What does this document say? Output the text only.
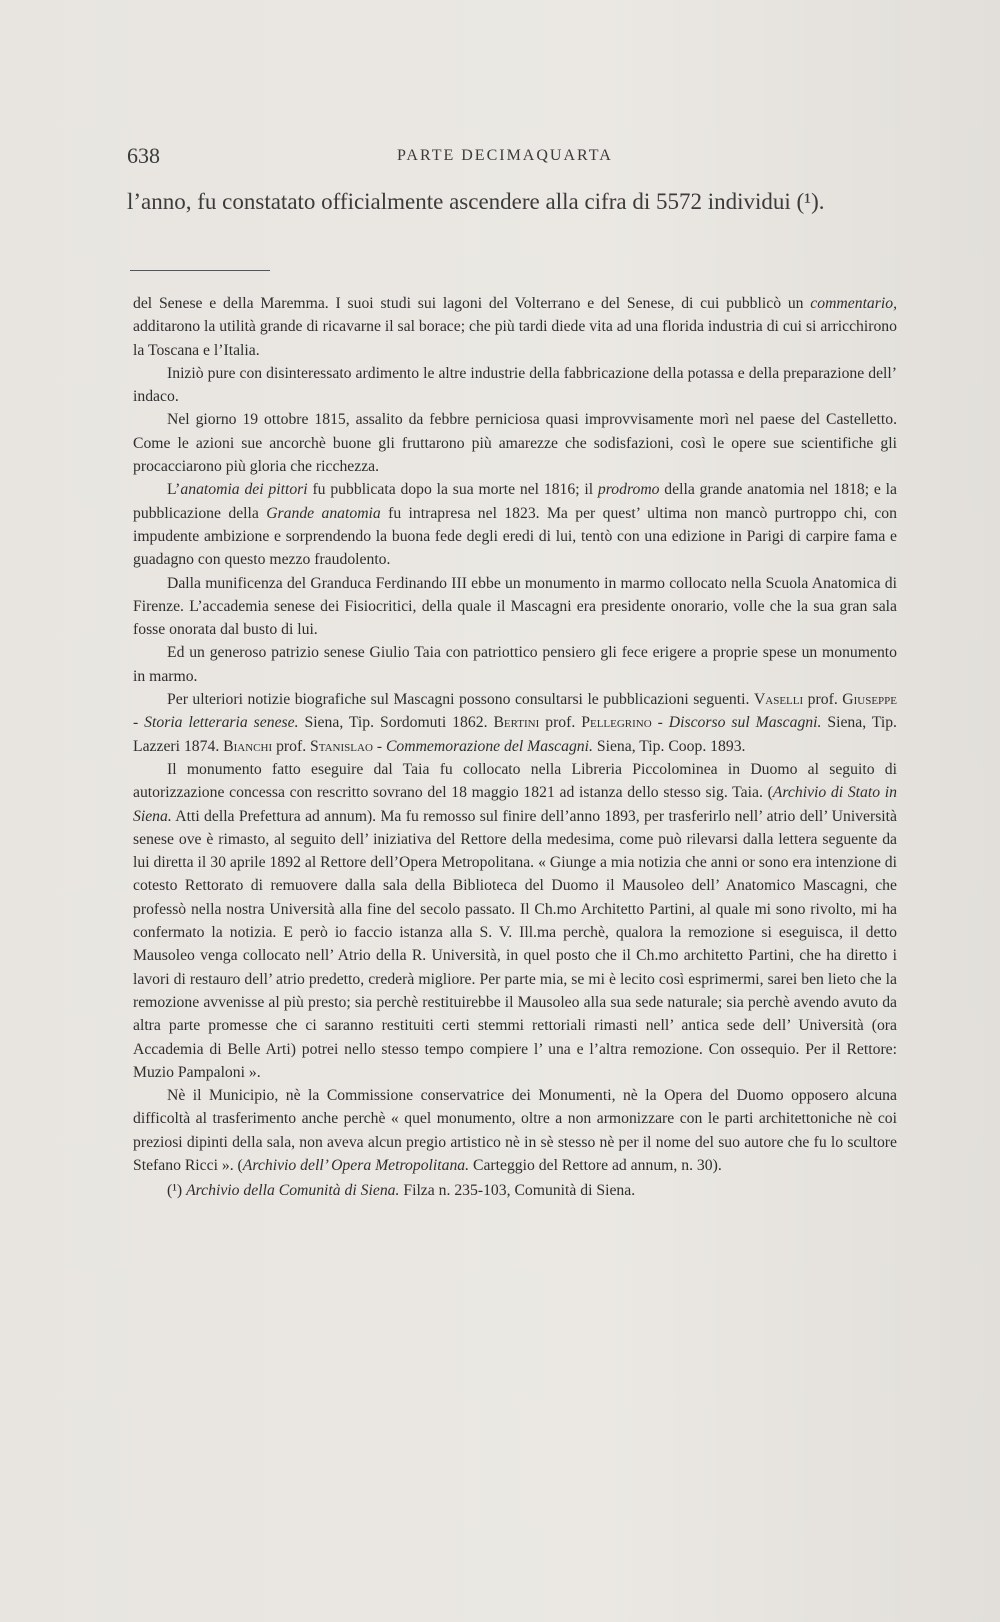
638	PARTE DECIMAQUARTA
l’anno, fu constatato officialmente ascendere alla cifra di 5572 individui (¹).

del Senese e della Maremma. I suoi studi sui lagoni del Volterrano e del Senese, di cui pubblicò un commentario, additarono la utilità grande di ricavarne il sal borace; che più tardi diede vita ad una florida industria di cui si arricchirono la Toscana e l’Italia.

Iniziò pure con disinteressato ardimento le altre industrie della fabbricazione della potassa e della preparazione dell’ indaco.

Nel giorno 19 ottobre 1815, assalito da febbre perniciosa quasi improvvisamente morì nel paese del Castelletto. Come le azioni sue ancorchè buone gli fruttarono più amarezze che sodisfazioni, così le opere sue scientifiche gli procacciarono più gloria che ricchezza.

L’anatomia dei pittori fu pubblicata dopo la sua morte nel 1816; il prodromo della grande anatomia nel 1818; e la pubblicazione della Grande anatomia fu intrapresa nel 1823. Ma per quest’ ultima non mancò purtroppo chi, con impudente ambizione e sorprendendo la buona fede degli eredi di lui, tentò con una edizione in Parigi di carpire fama e guadagno con questo mezzo fraudolento.

Dalla munificenza del Granduca Ferdinando III ebbe un monumento in marmo collocato nella Scuola Anatomica di Firenze. L’accademia senese dei Fisiocritici, della quale il Mascagni era presidente onorario, volle che la sua gran sala fosse onorata dal busto di lui.

Ed un generoso patrizio senese Giulio Taia con patriottico pensiero gli fece erigere a proprie spese un monumento in marmo.

Per ulteriori notizie biografiche sul Mascagni possono consultarsi le pubblicazioni seguenti. Vaselli prof. Giuseppe - Storia letteraria senese. Siena, Tip. Sordomuti 1862. Bertini prof. Pellegrino - Discorso sul Mascagni. Siena, Tip. Lazzeri 1874. Bianchi prof. Stanislao - Commemorazione del Mascagni. Siena, Tip. Coop. 1893.

Il monumento fatto eseguire dal Taia fu collocato nella Libreria Piccolominea in Duomo al seguito di autorizzazione concessa con rescritto sovrano del 18 maggio 1821 ad istanza dello stesso sig. Taia. (Archivio di Stato in Siena. Atti della Prefettura ad annum). Ma fu remosso sul finire dell’anno 1893, per trasferirlo nell’ atrio dell’ Università senese ove è rimasto, al seguito dell’ iniziativa del Rettore della medesima, come può rilevarsi dalla lettera seguente da lui diretta il 30 aprile 1892 al Rettore dell’Opera Metropolitana. « Giunge a mia notizia che anni or sono era intenzione di cotesto Rettorato di remuovere dalla sala della Biblioteca del Duomo il Mausoleo dell’ Anatomico Mascagni, che professò nella nostra Università alla fine del secolo passato. Il Ch.mo Architetto Partini, al quale mi sono rivolto, mi ha confermato la notizia. E però io faccio istanza alla S. V. Ill.ma perchè, qualora la remozione si eseguisca, il detto Mausoleo venga collocato nell’ Atrio della R. Università, in quel posto che il Ch.mo architetto Partini, che ha diretto i lavori di restauro dell’ atrio predetto, crederà migliore. Per parte mia, se mi è lecito così esprimermi, sarei ben lieto che la remozione avvenisse al più presto; sia perchè restituirebbe il Mausoleo alla sua sede naturale; sia perchè avendo avuto da altra parte promesse che ci saranno restituiti certi stemmi rettoriali rimasti nell’ antica sede dell’ Università (ora Accademia di Belle Arti) potrei nello stesso tempo compiere l’ una e l’altra remozione. Con ossequio. Per il Rettore: Muzio Pampaloni ».

Nè il Municipio, nè la Commissione conservatrice dei Monumenti, nè la Opera del Duomo opposero alcuna difficoltà al trasferimento anche perchè « quel monumento, oltre a non armonizzare con le parti architettoniche nè coi preziosi dipinti della sala, non aveva alcun pregio artistico nè in sè stesso nè per il nome del suo autore che fu lo scultore Stefano Ricci ». (Archivio dell’ Opera Metropolitana. Carteggio del Rettore ad annum, n. 30).

(¹) Archivio della Comunità di Siena. Filza n. 235-103, Comunità di Siena.
